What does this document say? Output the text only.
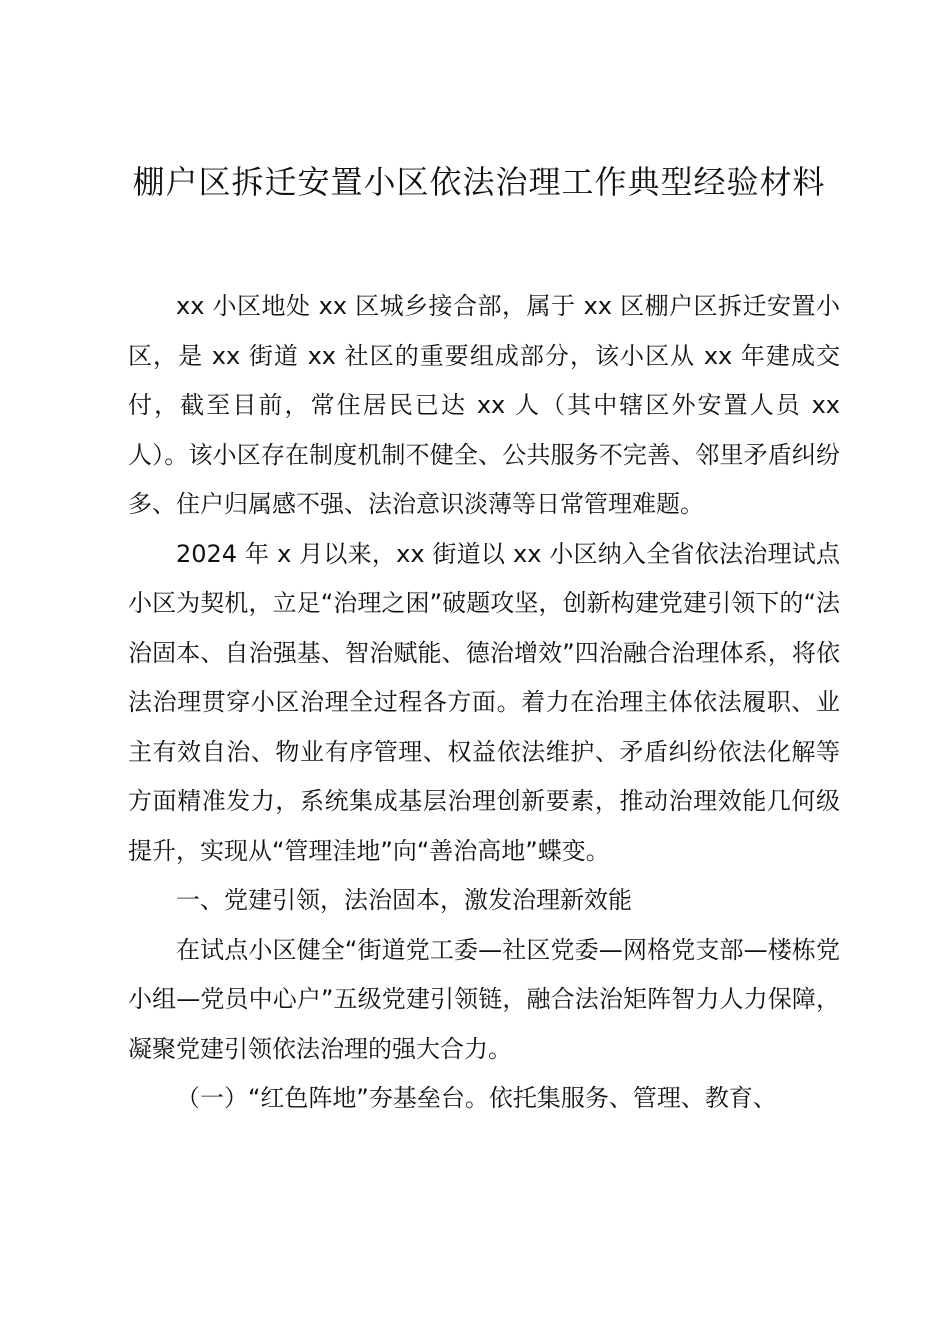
棚户区拆迁安置小区依法治理工作典型经验材料

xx 小区地处 xx 区城乡接合部，属于 xx 区棚户区拆迁安置小区，是 xx 街道 xx 社区的重要组成部分，该小区从 xx 年建成交付，截至目前，常住居民已达 xx 人（其中辖区外安置人员 xx 人）。该小区存在制度机制不健全、公共服务不完善、邻里矛盾纠纷多、住户归属感不强、法治意识淡薄等日常管理难题。

2024 年 x 月以来，xx 街道以 xx 小区纳入全省依法治理试点小区为契机，立足“治理之困”破题攻坚，创新构建党建引领下的“法治固本、自治强基、智治赋能、德治增效”四治融合治理体系，将依法治理贯穿小区治理全过程各方面。着力在治理主体依法履职、业主有效自治、物业有序管理、权益依法维护、矛盾纠纷依法化解等方面精准发力，系统集成基层治理创新要素，推动治理效能几何级提升，实现从“管理洼地”向“善治高地”蝶变。

一、党建引领，法治固本，激发治理新效能

在试点小区健全“街道党工委—社区党委—网格党支部—楼栋党小组—党员中心户”五级党建引领链，融合法治矩阵智力人力保障，凝聚党建引领依法治理的强大合力。

（一）“红色阵地”夯基垒台。依托集服务、管理、教育、
